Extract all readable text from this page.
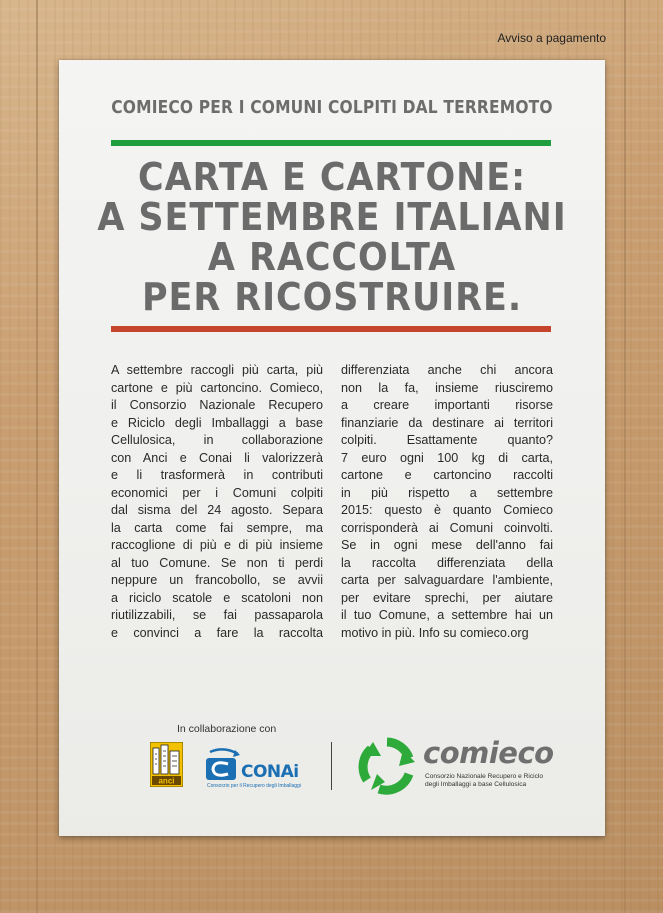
Avviso a pagamento
COMIECO PER I COMUNI COLPITI DAL TERREMOTO
CARTA E CARTONE:
A SETTEMBRE ITALIANI
A RACCOLTA
PER RICOSTRUIRE.
A settembre raccogli più carta, più
cartone e più cartoncino. Comieco,
il Consorzio Nazionale Recupero
e Riciclo degli Imballaggi a base
Cellulosica, in collaborazione
con Anci e Conai li valorizzerà
e li trasformerà in contributi
economici per i Comuni colpiti
dal sisma del 24 agosto. Separa
la carta come fai sempre, ma
raccoglione di più e di più insieme
al tuo Comune. Se non ti perdi
neppure un francobollo, se avvii
a riciclo scatole e scatoloni non
riutilizzabili, se fai passaparola
e convinci a fare la raccolta
differenziata anche chi ancora
non la fa, insieme riusciremo
a creare importanti risorse
finanziarie da destinare ai territori
colpiti. Esattamente quanto?
7 euro ogni 100 kg di carta,
cartone e cartoncino raccolti
in più rispetto a settembre
2015: questo è quanto Comieco
corrisponderà ai Comuni coinvolti.
Se in ogni mese dell'anno fai
la raccolta differenziata della
carta per salvaguardare l'ambiente,
per evitare sprechi, per aiutare
il tuo Comune, a settembre hai un
motivo in più. Info su comieco.org
In collaborazione con
anci	CONAi
Consorzio per il Recupero degli Imballaggi
comieco
Consorzio Nazionale Recupero e Riciclo degli Imballaggi a base Cellulosica
